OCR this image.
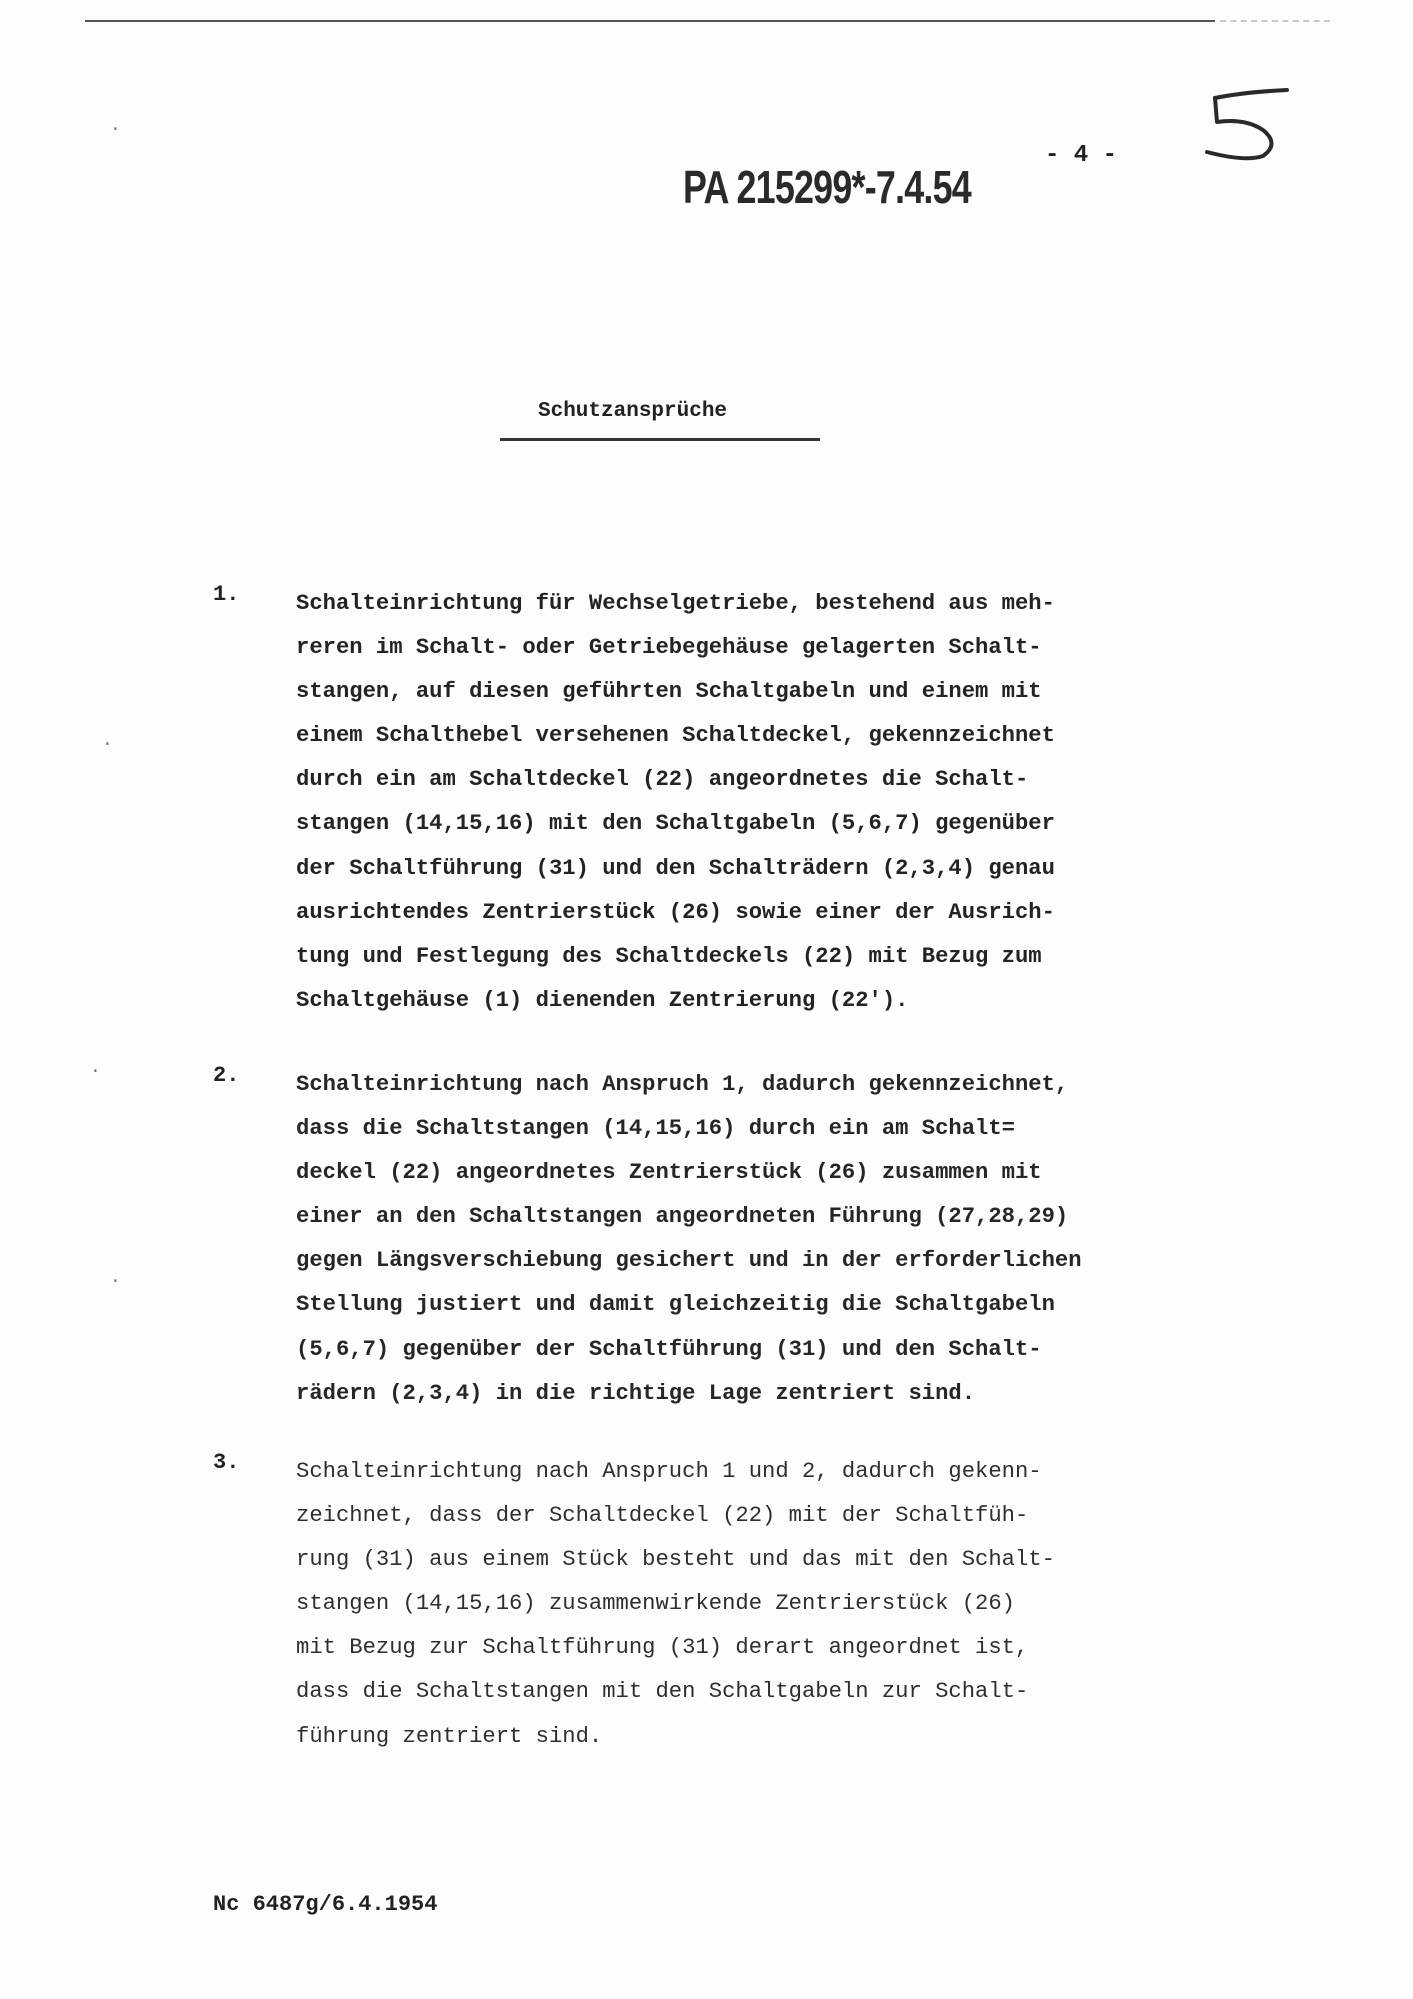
PA 215299*-7.4.54
- 4 -
Schutzansprüche
1.	Schalteinrichtung für Wechselgetriebe, bestehend aus meh-
reren im Schalt- oder Getriebegehäuse gelagerten Schalt-
stangen, auf diesen geführten Schaltgabeln und einem mit
einem Schalthebel versehenen Schaltdeckel, gekennzeichnet
durch ein am Schaltdeckel (22) angeordnetes die Schalt-
stangen (14,15,16) mit den Schaltgabeln (5,6,7) gegenüber
der Schaltführung (31) und den Schalträdern (2,3,4) genau
ausrichtendes Zentrierstück (26) sowie einer der Ausrich-
tung und Festlegung des Schaltdeckels (22) mit Bezug zum
Schaltgehäuse (1) dienenden Zentrierung (22').
2.	Schalteinrichtung nach Anspruch 1, dadurch gekennzeichnet,
dass die Schaltstangen (14,15,16) durch ein am Schalt=
deckel (22) angeordnetes Zentrierstück (26) zusammen mit
einer an den Schaltstangen angeordneten Führung (27,28,29)
gegen Längsverschiebung gesichert und in der erforderlichen
Stellung justiert und damit gleichzeitig die Schaltgabeln
(5,6,7) gegenüber der Schaltführung (31) und den Schalt-
rädern (2,3,4) in die richtige Lage zentriert sind.
3.	Schalteinrichtung nach Anspruch 1 und 2, dadurch gekenn-
zeichnet, dass der Schaltdeckel (22) mit der Schaltfüh-
rung (31) aus einem Stück besteht und das mit den Schalt-
stangen (14,15,16) zusammenwirkende Zentrierstück (26)
mit Bezug zur Schaltführung (31) derart angeordnet ist,
dass die Schaltstangen mit den Schaltgabeln zur Schalt-
führung zentriert sind.
Nc 6487g/6.4.1954
·
·
·
·
